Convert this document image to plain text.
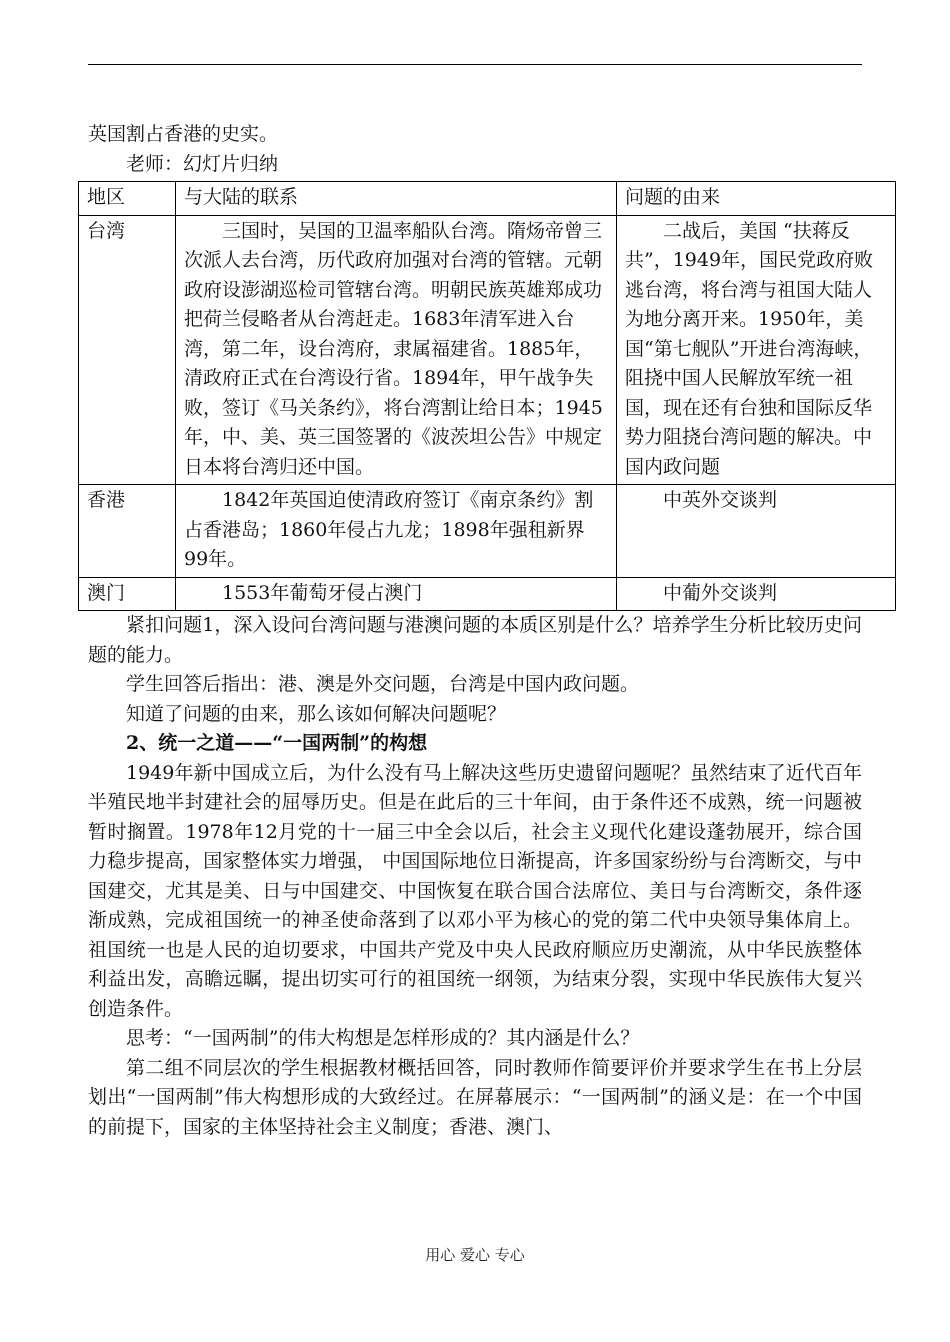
英国割占香港的史实。
老师：幻灯片归纳
地区	与大陆的联系	问题的由来
台湾	三国时，吴国的卫温率船队台湾。隋炀帝曾三次派人去台湾，历代政府加强对台湾的管辖。元朝政府设澎湖巡检司管辖台湾。明朝民族英雄郑成功把荷兰侵略者从台湾赶走。1683年清军进入台湾，第二年，设台湾府，隶属福建省。1885年，清政府正式在台湾设行省。1894年，甲午战争失败，签订《马关条约》，将台湾割让给日本；1945年，中、美、英三国签署的《波茨坦公告》中规定日本将台湾归还中国。	二战后，美国 “扶蒋反共”，1949年，国民党政府败逃台湾，将台湾与祖国大陆人为地分离开来。1950年，美国“第七舰队”开进台湾海峡，阻挠中国人民解放军统一祖国，现在还有台独和国际反华势力阻挠台湾问题的解决。中国内政问题
香港	1842年英国迫使清政府签订《南京条约》割占香港岛；1860年侵占九龙；1898年强租新界99年。	中英外交谈判
澳门	1553年葡萄牙侵占澳门	中葡外交谈判
紧扣问题1，深入设问台湾问题与港澳问题的本质区别是什么？培养学生分析比较历史问题的能力。
学生回答后指出：港、澳是外交问题，台湾是中国内政问题。
知道了问题的由来，那么该如何解决问题呢？
2、统一之道——“一国两制”的构想
1949年新中国成立后，为什么没有马上解决这些历史遗留问题呢？虽然结束了近代百年半殖民地半封建社会的屈辱历史。但是在此后的三十年间，由于条件还不成熟，统一问题被暂时搁置。1978年12月党的十一届三中全会以后，社会主义现代化建设蓬勃展开，综合国力稳步提高，国家整体实力增强， 中国国际地位日渐提高，许多国家纷纷与台湾断交，与中国建交，尤其是美、日与中国建交、中国恢复在联合国合法席位、美日与台湾断交，条件逐渐成熟，完成祖国统一的神圣使命落到了以邓小平为核心的党的第二代中央领导集体肩上。祖国统一也是人民的迫切要求，中国共产党及中央人民政府顺应历史潮流，从中华民族整体利益出发，高瞻远瞩，提出切实可行的祖国统一纲领，为结束分裂，实现中华民族伟大复兴创造条件。
思考：“一国两制”的伟大构想是怎样形成的？其内涵是什么？
第二组不同层次的学生根据教材概括回答，同时教师作简要评价并要求学生在书上分层划出“一国两制”伟大构想形成的大致经过。在屏幕展示：“一国两制”的涵义是：在一个中国的前提下，国家的主体坚持社会主义制度；香港、澳门、
用心 爱心 专心
